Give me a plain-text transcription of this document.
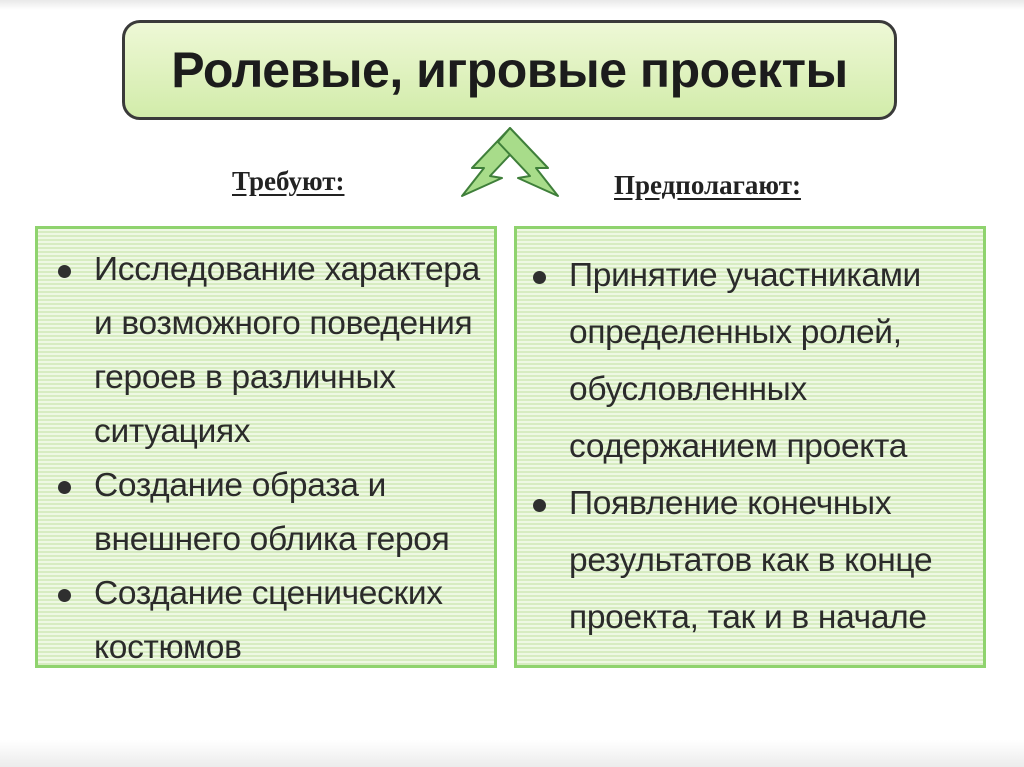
Ролевые, игровые проекты
Требуют:	Предполагают:
Исследование характера и возможного поведения героев в различных ситуациях
Создание образа и внешнего облика героя
Создание сценических костюмов
Принятие участниками определенных ролей, обусловленных содержанием проекта
Появление конечных результатов как в конце проекта, так и в начале
